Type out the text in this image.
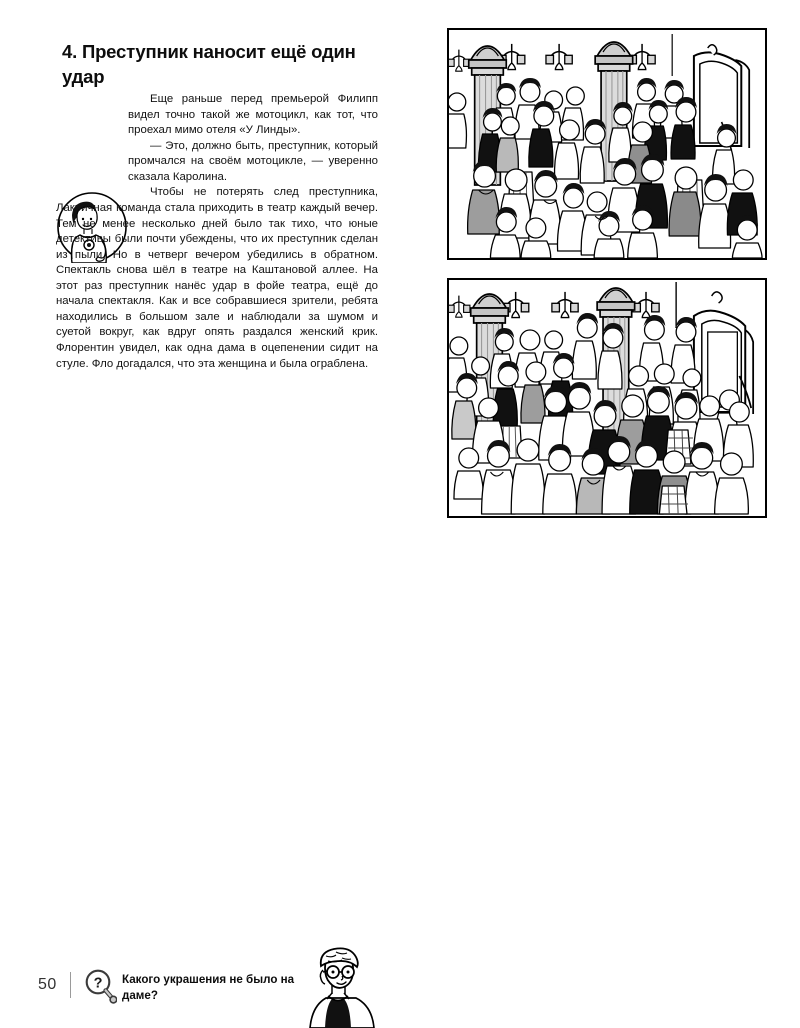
4. Преступник наносит ещё один удар

Еще раньше перед премьерой Филипп видел точно такой же мотоцикл, как тот, что проехал мимо отеля «У Линды».

— Это, должно быть, преступник, который промчался на своём мотоцикле, — уверенно сказала Каролина.

Чтобы не потерять след преступника, Лакричная команда стала приходить в театр каждый вечер. Тем не менее несколько дней было так тихо, что юные детективы были почти убеждены, что их преступник сделан из пыли. Но в четверг вечером убедились в обратном. Спектакль снова шёл в театре на Каштановой аллее. На этот раз преступник нанёс удар в фойе театра, ещё до начала спектакля. Как и все собравшиеся зрители, ребята находились в большом зале и наблюдали за шумом и суетой вокруг, как вдруг опять раздался женский крик. Флорентин увидел, как одна дама в оцепенении сидит на стуле. Фло догадался, что эта женщина и была ограблена.

50	? Какого украшения не было на даме?
